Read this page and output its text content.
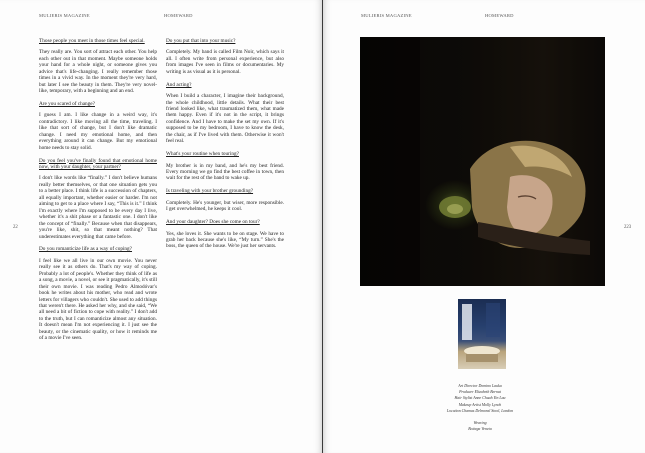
MULIERIS MAGAZINE	HOMEWARD
22

Those people you meet in those times feel special.

They really are. You sort of attract each other. You help each other out in that moment. Maybe someone holds your hand for a whole night, or someone gives you advice that's life-changing. I really remember those times in a vivid way. In the moment they're very hard, but later I see the beauty in them. They're very novel-like, temporary, with a beginning and an end.

Are you scared of change?

I guess I am. I like change in a weird way, it's contradictory. I like moving all the time, traveling. I like that sort of change, but I don't like dramatic change. I need my emotional home, and then everything around it can change. But my emotional home needs to stay solid.

Do you feel you've finally found that emotional home now, with your daughter, your partner?

I don't like words like “finally.” I don't believe humans really better themselves, or that one situation gets you to a better place. I think life is a succession of chapters, all equally important, whether easier or harder. I'm not aiming to get to a place where I say, “This is it.” I think I'm exactly where I'm supposed to be every day I live, whether it's a shit phase or a fantastic one. I don't like the concept of “finally.” Because when that disappears, you're like, shit, so that meant nothing? That underestimates everything that came before.

Do you romanticize life as a way of coping?

I feel like we all live in our own movie. You never really see it as others do. That's my way of coping. Probably a lot of people's. Whether they think of life as a song, a movie, a novel, or see it pragmatically, it's still their own movie. I was reading Pedro Almodóvar's book he writes about his mother, who read and wrote letters for villagers who couldn't. She used to add things that weren't there. He asked her why, and she said, “We all need a bit of fiction to cope with reality.” I don't add to the truth, but I can romanticize almost any situation. It doesn't mean I'm not experiencing it. I just see the beauty, or the cinematic quality, or how it reminds me of a movie I've seen.

Do you put that into your music?

Completely. My band is called Film Noir, which says it all. I often write from personal experience, but also from images I've seen in films or documentaries. My writing is as visual as it is personal.

And acting?

When I build a character, I imagine their background, the whole childhood, little details. What their best friend looked like, what traumatized them, what made them happy. Even if it's not in the script, it brings confidence. And I have to make the set my own. If it's supposed to be my bedroom, I have to know the desk, the chair, as if I've lived with them. Otherwise it won't feel real.

What's your routine when touring?

My brother is in my band, and he's my best friend. Every morning we go find the best coffee in town, then wait for the rest of the band to wake up.

Is traveling with your brother grounding?

Completely. He's younger, but wiser, more responsible. I get overwhelmed, he keeps it cool.

And your daughter? Does she come on tour?

Yes, she loves it. She wants to be on stage. We have to grab her back because she's like, “My turn.” She's the boss, the queen of the house. We're just her servants.

MULIERIS MAGAZINE	HOMEWARD
223
Art Director Domino Lauka
Producer Elizabeth Bernat
Hair Stylist Anne Chuah Yin Lau
Makeup Artist Molly Lynch
Location Chamas Delmoral Stool, London
Wearing
Bottega Veneta
